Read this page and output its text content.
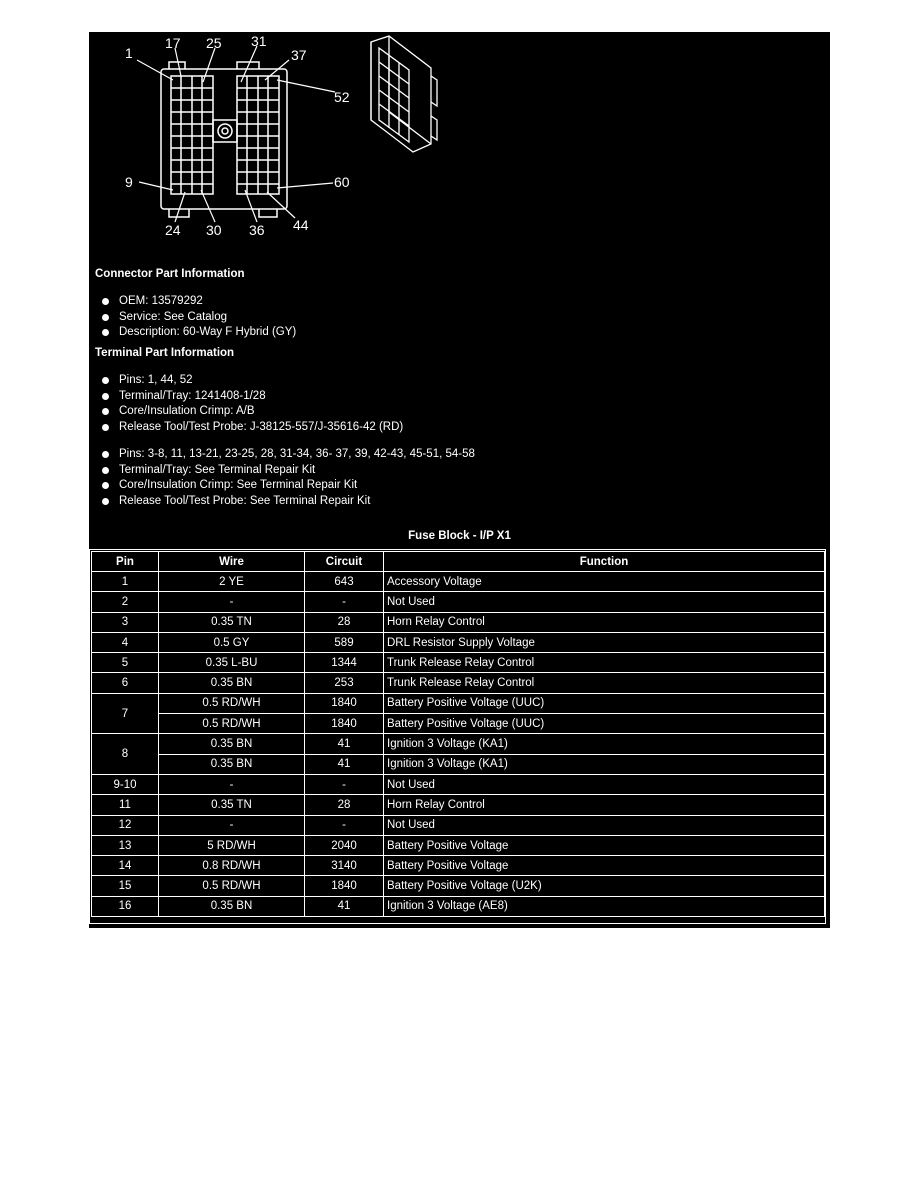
1
17 25 31
37
52
9	60
24 30 36 44
Connector Part Information
OEM: 13579292
Service: See Catalog
Description: 60-Way F Hybrid (GY)
Terminal Part Information
Pins: 1, 44, 52
Terminal/Tray: 1241408-1/28
Core/Insulation Crimp: A/B
Release Tool/Test Probe: J-38125-557/J-35616-42 (RD)
Pins: 3-8, 11, 13-21, 23-25, 28, 31-34, 36- 37, 39, 42-43, 45-51, 54-58
Terminal/Tray: See Terminal Repair Kit
Core/Insulation Crimp: See Terminal Repair Kit
Release Tool/Test Probe: See Terminal Repair Kit
Fuse Block - I/P X1
Pin	Wire	Circuit	Function
1	2 YE	643	Accessory Voltage
2	-	-	Not Used
3	0.35 TN	28	Horn Relay Control
4	0.5 GY	589	DRL Resistor Supply Voltage
5	0.35 L-BU	1344	Trunk Release Relay Control
6	0.35 BN	253	Trunk Release Relay Control
7	0.5 RD/WH	1840	Battery Positive Voltage (UUC)
	0.5 RD/WH	1840	Battery Positive Voltage (UUC)
8	0.35 BN	41	Ignition 3 Voltage (KA1)
	0.35 BN	41	Ignition 3 Voltage (KA1)
9-10	-	-	Not Used
11	0.35 TN	28	Horn Relay Control
12	-	-	Not Used
13	5 RD/WH	2040	Battery Positive Voltage
14	0.8 RD/WH	3140	Battery Positive Voltage
15	0.5 RD/WH	1840	Battery Positive Voltage (U2K)
16	0.35 BN	41	Ignition 3 Voltage (AE8)
